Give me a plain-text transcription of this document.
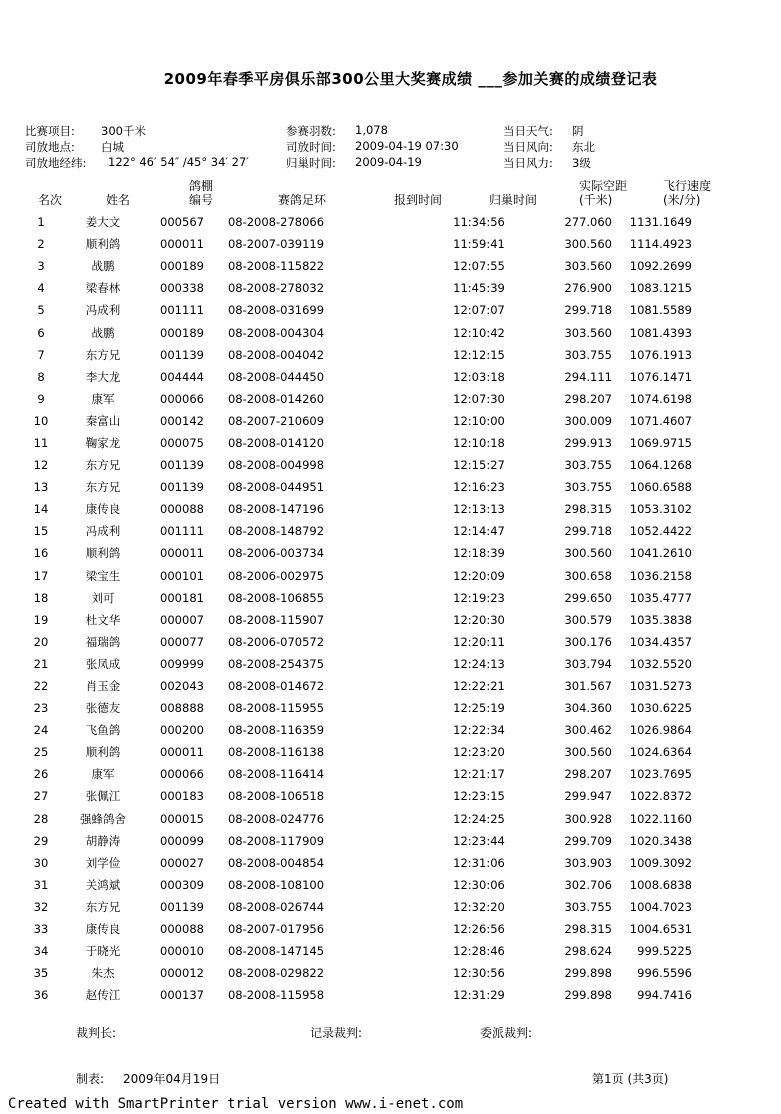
2009年春季平房俱乐部300公里大奖赛成绩 ___参加关赛的成绩登记表
比赛项目: 300千米	参赛羽数: 1,078	当日天气: 阴
司放地点: 白城	司放时间: 2009-04-19 07:30	当日风向: 东北
司放地经纬: 122° 46′ 54″ /45° 34′ 27′	归巢时间: 2009-04-19	当日风力: 3级
名次	姓名
鸽棚
编号	赛鸽足环	报到时间	归巢时间
实际空距
(千米)
飞行速度
(米/分)
1	姜大文	000567	08-2008-278066		11:34:56	277.060	1131.1649
2	顺利鸽	000011	08-2007-039119		11:59:41	300.560	1114.4923
3	战鹏	000189	08-2008-115822		12:07:55	303.560	1092.2699
4	梁春林	000338	08-2008-278032		11:45:39	276.900	1083.1215
5	冯成利	001111	08-2008-031699		12:07:07	299.718	1081.5589
6	战鹏	000189	08-2008-004304		12:10:42	303.560	1081.4393
7	东方兄	001139	08-2008-004042		12:12:15	303.755	1076.1913
8	李大龙	004444	08-2008-044450		12:03:18	294.111	1076.1471
9	康军	000066	08-2008-014260		12:07:30	298.207	1074.6198
10	秦富山	000142	08-2007-210609		12:10:00	300.009	1071.4607
11	鞠家龙	000075	08-2008-014120		12:10:18	299.913	1069.9715
12	东方兄	001139	08-2008-004998		12:15:27	303.755	1064.1268
13	东方兄	001139	08-2008-044951		12:16:23	303.755	1060.6588
14	康传良	000088	08-2008-147196		12:13:13	298.315	1053.3102
15	冯成利	001111	08-2008-148792		12:14:47	299.718	1052.4422
16	顺利鸽	000011	08-2006-003734		12:18:39	300.560	1041.2610
17	梁宝生	000101	08-2006-002975		12:20:09	300.658	1036.2158
18	刘可	000181	08-2008-106855		12:19:23	299.650	1035.4777
19	杜文华	000007	08-2008-115907		12:20:30	300.579	1035.3838
20	福瑞鸽	000077	08-2006-070572		12:20:11	300.176	1034.4357
21	张凤成	009999	08-2008-254375		12:24:13	303.794	1032.5520
22	肖玉金	002043	08-2008-014672		12:22:21	301.567	1031.5273
23	张德友	008888	08-2008-115955		12:25:19	304.360	1030.6225
24	飞鱼鸽	000200	08-2008-116359		12:22:34	300.462	1026.9864
25	顺利鸽	000011	08-2008-116138		12:23:20	300.560	1024.6364
26	康军	000066	08-2008-116414		12:21:17	298.207	1023.7695
27	张佩江	000183	08-2008-106518		12:23:15	299.947	1022.8372
28	强蜂鸽舍	000015	08-2008-024776		12:24:25	300.928	1022.1160
29	胡静涛	000099	08-2008-117909		12:23:44	299.709	1020.3438
30	刘学俭	000027	08-2008-004854		12:31:06	303.903	1009.3092
31	关鸿斌	000309	08-2008-108100		12:30:06	302.706	1008.6838
32	东方兄	001139	08-2008-026744		12:32:20	303.755	1004.7023
33	康传良	000088	08-2007-017956		12:26:56	298.315	1004.6531
34	于晓光	000010	08-2008-147145		12:28:46	298.624	999.5225
35	朱杰	000012	08-2008-029822		12:30:56	299.898	996.5596
36	赵传江	000137	08-2008-115958		12:31:29	299.898	994.7416
裁判长:	记录裁判:	委派裁判:
制表: 2009年04月19日	第1页 (共3页)
Created with SmartPrinter trial version www.i-enet.com
